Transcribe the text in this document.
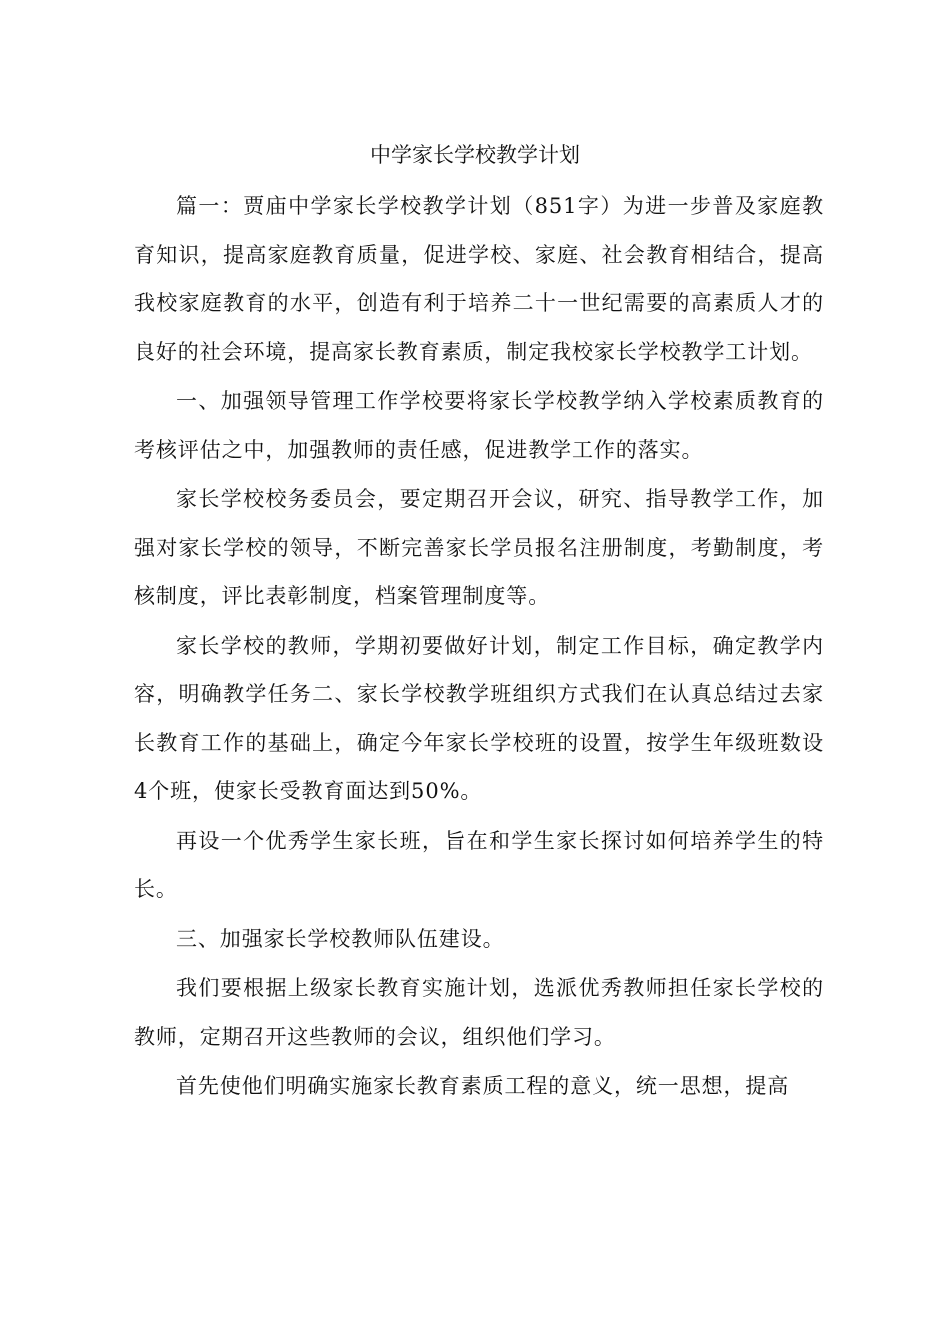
中学家长学校教学计划

篇一：贾庙中学家长学校教学计划（851字）为进一步普及家庭教育知识，提高家庭教育质量，促进学校、家庭、社会教育相结合，提高我校家庭教育的水平，创造有利于培养二十一世纪需要的高素质人才的良好的社会环境，提高家长教育素质，制定我校家长学校教学工计划。

一、加强领导管理工作学校要将家长学校教学纳入学校素质教育的考核评估之中，加强教师的责任感，促进教学工作的落实。

家长学校校务委员会，要定期召开会议，研究、指导教学工作，加强对家长学校的领导，不断完善家长学员报名注册制度，考勤制度，考核制度，评比表彰制度，档案管理制度等。

家长学校的教师，学期初要做好计划，制定工作目标，确定教学内容，明确教学任务二、家长学校教学班组织方式我们在认真总结过去家长教育工作的基础上，确定今年家长学校班的设置，按学生年级班数设4个班，使家长受教育面达到50%。

再设一个优秀学生家长班，旨在和学生家长探讨如何培养学生的特长。

三、加强家长学校教师队伍建设。

我们要根据上级家长教育实施计划，选派优秀教师担任家长学校的教师，定期召开这些教师的会议，组织他们学习。

首先使他们明确实施家长教育素质工程的意义，统一思想，提高
